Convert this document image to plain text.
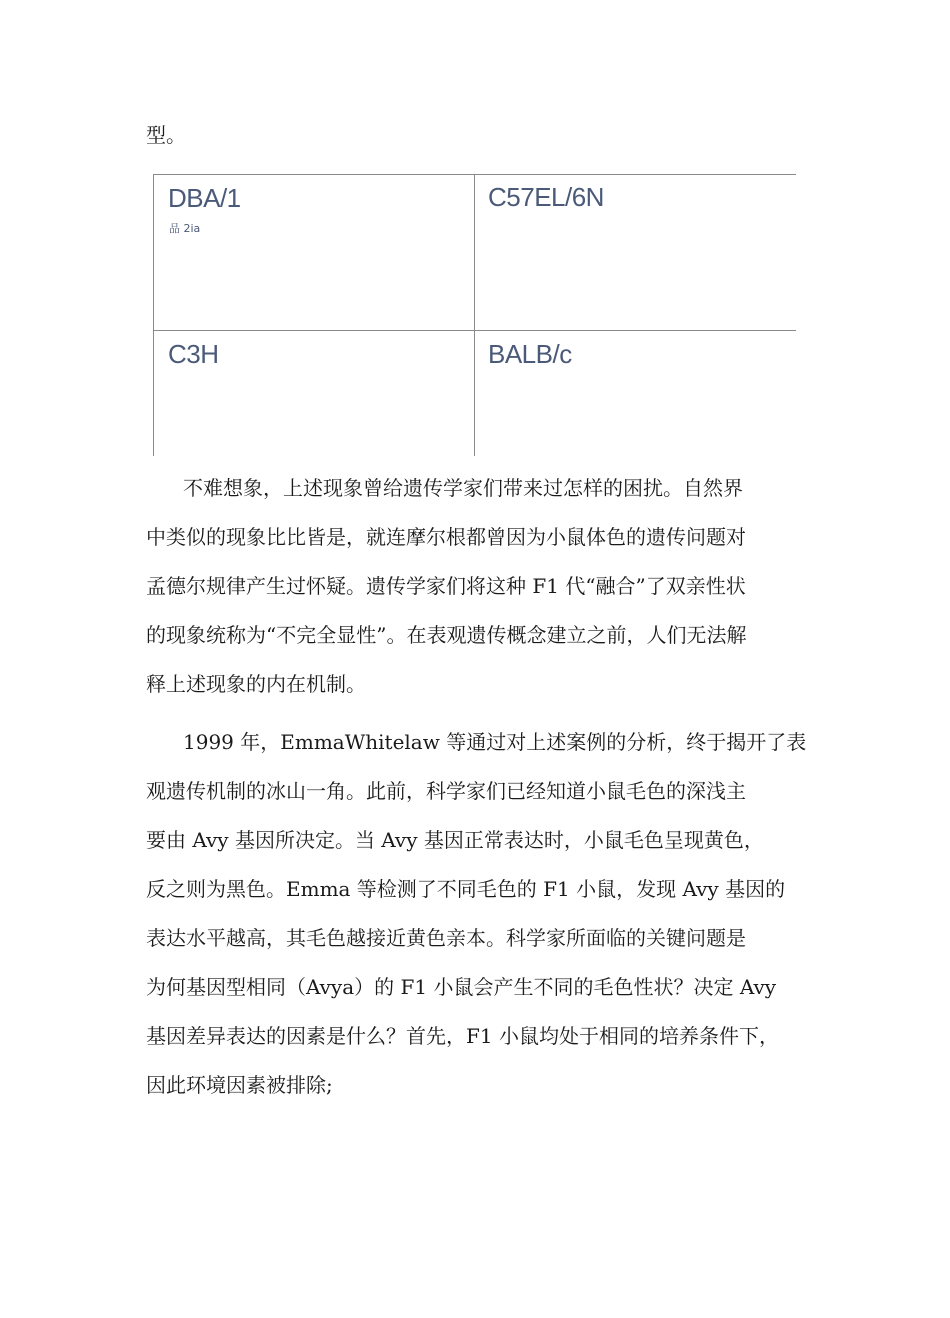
型。
DBA/1
品 2ia
C57EL/6N
C3H	BALB/c

不难想象，上述现象曾给遗传学家们带来过怎样的困扰。自然界

中类似的现象比比皆是，就连摩尔根都曾因为小鼠体色的遗传问题对

孟德尔规律产生过怀疑。遗传学家们将这种 F1 代“融合”了双亲性状

的现象统称为“不完全显性”。在表观遗传概念建立之前，人们无法解

释上述现象的内在机制。

1999 年，EmmaWhitelaw 等通过对上述案例的分析，终于揭开了表

观遗传机制的冰山一角。此前，科学家们已经知道小鼠毛色的深浅主

要由 Avy 基因所决定。当 Avy 基因正常表达时，小鼠毛色呈现黄色，

反之则为黑色。Emma 等检测了不同毛色的 F1 小鼠，发现 Avy 基因的

表达水平越高，其毛色越接近黄色亲本。科学家所面临的关键问题是

为何基因型相同（Avya）的 F1 小鼠会产生不同的毛色性状？决定 Avy

基因差异表达的因素是什么？首先，F1 小鼠均处于相同的培养条件下，

因此环境因素被排除;
